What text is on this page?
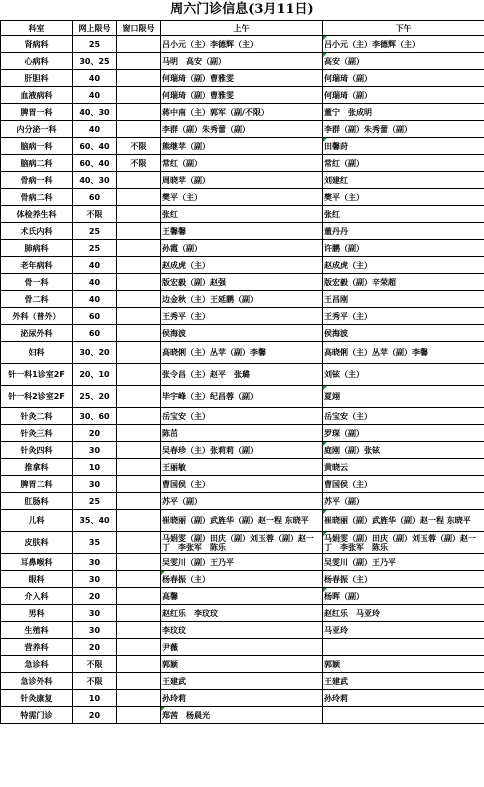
周六门诊信息(3月11日)
科室	网上限号	窗口限号	上午	下午
肾病科	25		吕小元（主）李德辉（主）	吕小元（主）李德辉（主）
心病科	30、25		马明　高安（副）	高安（副）
肝胆科	40		何瑞琦（副）曹雅雯	何瑞琦（副）
血液病科	40		何瑞琦（副）曹雅雯	何瑞琦（副）
脾胃一科	40、30		蒋中南（主）郭军（副/不限）	董宁　张成明
内分泌一科	40		李群（副）朱秀蕾（副）	李群（副）朱秀蕾（副）
脑病一科	60、40	不限	熊继苹（副）	田馨莳
脑病二科	60、40	不限	常红（副）	常红（副）
骨病一科	40、30		周晓苹（副）	刘建红
骨病二科	60		樊平（主）	樊平（主）
体检养生科	不限		张红	张红
术氏内科	25		王馨馨	董丹丹
肺病科	25		孙霞（副）	许鹏（副）
老年病科	40		赵成虎（主）	赵成虎（主）
骨一科	40		版宏毅（副）赵强	版宏毅（副）辛荣超
骨二科	40		边金秋（主）王延鹏（副）	王昌刚
外科（普外）	60		王秀平（主）	王秀平（主）
泌尿外科	60		侯海波	侯海波
妇科	30、20		高晓俐（主）丛苹（副）李馨	高晓俐（主）丛苹（副）李馨
针一科1诊室2F	20、10		张令昌（主）赵平　张璐	刘铉（主）
针一科2诊室2F	25、20		毕宇峰（主）纪昌蓉（副）	夏翊
针灸二科	30、60		岳宝安（主）	岳宝安（主）
针灸三科	20		陈茁	罗琛（副）
针灸四科	30		吴春珍（主）张莉莉（副）	庭刚（副）张铉
推拿科	10		王丽敏	黄晓云
脾胃二科	30		曹国侯（主）	曹国侯（主）
肛肠科	25		苏平（副）	苏平（副）
儿科	35、40		崔晓丽（副）武旌华（副）赵一程 东晓平	崔晓丽（副）武旌华（副）赵一程 东晓平
皮肤科	35		马娟雯（副）田庆（副）刘玉蓉（副）赵一丁　李张军　陈乐	马娟雯（副）田庆（副）刘玉蓉（副）赵一丁　李张军　陈乐
耳鼻喉科	30		吴雯川（副）王乃平	吴雯川（副）王乃平
眼科	30		杨春振（主）	杨春振（主）
介入科	20		高馨	杨晖（副）
男科	30		赵红乐　李玟玟	赵红乐　马亚玲
生殖科	30		李玟玟	马亚玲
营养科	20		尹薇	
急诊科	不限		郭颖	郭颖
急诊外科	不限		王建武	王建武
针灸康复	10		孙玲莉	孙玲莉
特需门诊	20		郑茜　杨晨光	
